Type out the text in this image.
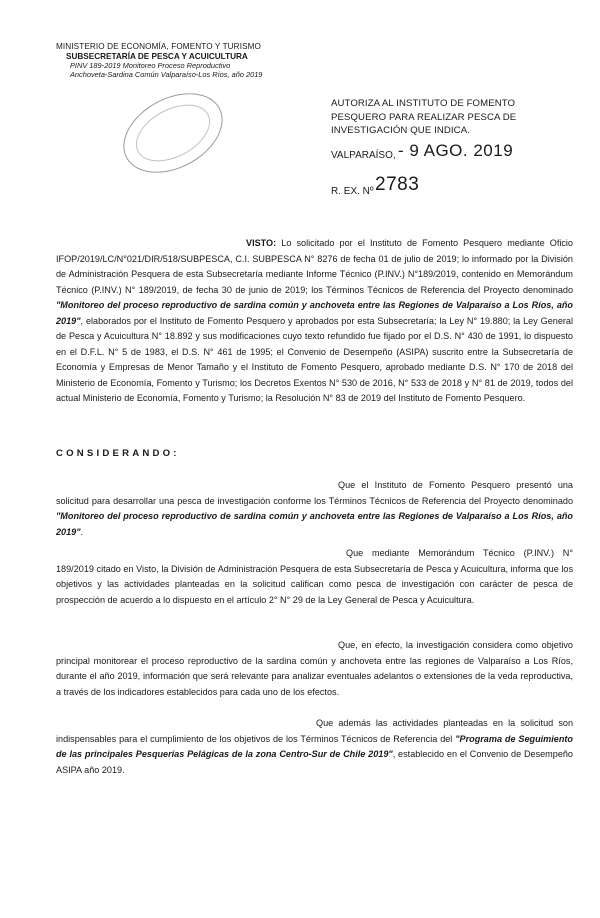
MINISTERIO DE ECONOMÍA, FOMENTO Y TURISMO
SUBSECRETARÍA DE PESCA Y ACUICULTURA
PINV 189-2019 Monitoreo Proceso Reproductivo
Anchoveta-Sardina Común Valparaíso-Los Ríos, año 2019
AUTORIZA AL INSTITUTO DE FOMENTO PESQUERO PARA REALIZAR PESCA DE INVESTIGACIÓN QUE INDICA.
VALPARAÍSO, - 9 AGO. 2019
R. EX. Nº 2783

VISTO: Lo solicitado por el Instituto de Fomento Pesquero mediante Oficio IFOP/2019/LC/N°021/DIR/518/SUBPESCA, C.I. SUBPESCA N° 8276 de fecha 01 de julio de 2019; lo informado por la División de Administración Pesquera de esta Subsecretaría mediante Informe Técnico (P.INV.) N°189/2019, contenido en Memorándum Técnico (P.INV.) N° 189/2019, de fecha 30 de junio de 2019; los Términos Técnicos de Referencia del Proyecto denominado "Monitoreo del proceso reproductivo de sardina común y anchoveta entre las Regiones de Valparaíso a Los Ríos, año 2019", elaborados por el Instituto de Fomento Pesquero y aprobados por esta Subsecretaría; la Ley N° 19.880; la Ley General de Pesca y Acuicultura N° 18.892 y sus modificaciones cuyo texto refundido fue fijado por el D.S. N° 430 de 1991, lo dispuesto en el D.F.L. N° 5 de 1983, el D.S. N° 461 de 1995; el Convenio de Desempeño (ASIPA) suscrito entre la Subsecretaría de Economía y Empresas de Menor Tamaño y el Instituto de Fomento Pesquero, aprobado mediante D.S. N° 170 de 2018 del Ministerio de Economía, Fomento y Turismo; los Decretos Exentos N° 530 de 2016, N° 533 de 2018 y N° 81 de 2019, todos del actual Ministerio de Economía, Fomento y Turismo; la Resolución N° 83 de 2019 del Instituto de Fomento Pesquero.

CONSIDERANDO:

Que el Instituto de Fomento Pesquero presentó una solicitud para desarrollar una pesca de investigación conforme los Términos Técnicos de Referencia del Proyecto denominado "Monitoreo del proceso reproductivo de sardina común y anchoveta entre las Regiones de Valparaíso a Los Ríos, año 2019".

Que mediante Memorándum Técnico (P.INV.) N° 189/2019 citado en Visto, la División de Administración Pesquera de esta Subsecretaría de Pesca y Acuicultura, informa que los objetivos y las actividades planteadas en la solicitud califican como pesca de investigación con carácter de pesca de prospección de acuerdo a lo dispuesto en el artículo 2° N° 29 de la Ley General de Pesca y Acuicultura.

Que, en efecto, la investigación considera como objetivo principal monitorear el proceso reproductivo de la sardina común y anchoveta entre las regiones de Valparaíso a Los Ríos, durante el año 2019, información que será relevante para analizar eventuales adelantos o extensiones de la veda reproductiva, a través de los indicadores establecidos para cada uno de los efectos.

Que además las actividades planteadas en la solicitud son indispensables para el cumplimiento de los objetivos de los Términos Técnicos de Referencia del "Programa de Seguimiento de las principales Pesquerías Pelágicas de la zona Centro-Sur de Chile 2019", establecido en el Convenio de Desempeño ASIPA año 2019.
